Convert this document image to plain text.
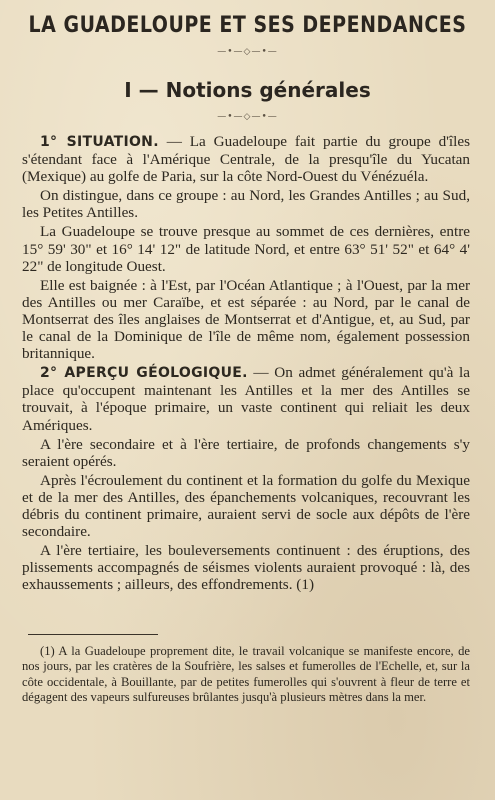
LA GUADELOUPE ET SES DEPENDANCES
—•—◇—•—
I — Notions générales
—•—◇—•—

1° SITUATION. — La Guadeloupe fait partie du groupe d'îles s'étendant face à l'Amérique Centrale, de la presqu'île du Yucatan (Mexique) au golfe de Paria, sur la côte Nord-Ouest du Vénézuéla.

On distingue, dans ce groupe : au Nord, les Grandes Antilles ; au Sud, les Petites Antilles.

La Guadeloupe se trouve presque au sommet de ces dernières, entre 15° 59' 30" et 16° 14' 12" de latitude Nord, et entre 63° 51' 52" et 64° 4' 22" de longitude Ouest.

Elle est baignée : à l'Est, par l'Océan Atlantique ; à l'Ouest, par la mer des Antilles ou mer Caraïbe, et est séparée : au Nord, par le canal de Montserrat des îles anglaises de Montserrat et d'Antigue, et, au Sud, par le canal de la Dominique de l'île de même nom, également possession britannique.

2° APERÇU GÉOLOGIQUE. — On admet généralement qu'à la place qu'occupent maintenant les Antilles et la mer des Antilles se trouvait, à l'époque primaire, un vaste continent qui reliait les deux Amériques.

A l'ère secondaire et à l'ère tertiaire, de profonds changements s'y seraient opérés.

Après l'écroulement du continent et la formation du golfe du Mexique et de la mer des Antilles, des épanchements volcaniques, recouvrant les débris du continent primaire, auraient servi de socle aux dépôts de l'ère secondaire.

A l'ère tertiaire, les bouleversements continuent : des éruptions, des plissements accompagnés de séismes violents auraient provoqué : là, des exhaussements ; ailleurs, des effondrements. (1)

(1) A la Guadeloupe proprement dite, le travail volcanique se manifeste encore, de nos jours, par les cratères de la Soufrière, les salses et fumerolles de l'Echelle, et, sur la côte occidentale, à Bouillante, par de petites fumerolles qui s'ouvrent à fleur de terre et dégagent des vapeurs sulfureuses brûlantes jusqu'à plusieurs mètres dans la mer.
